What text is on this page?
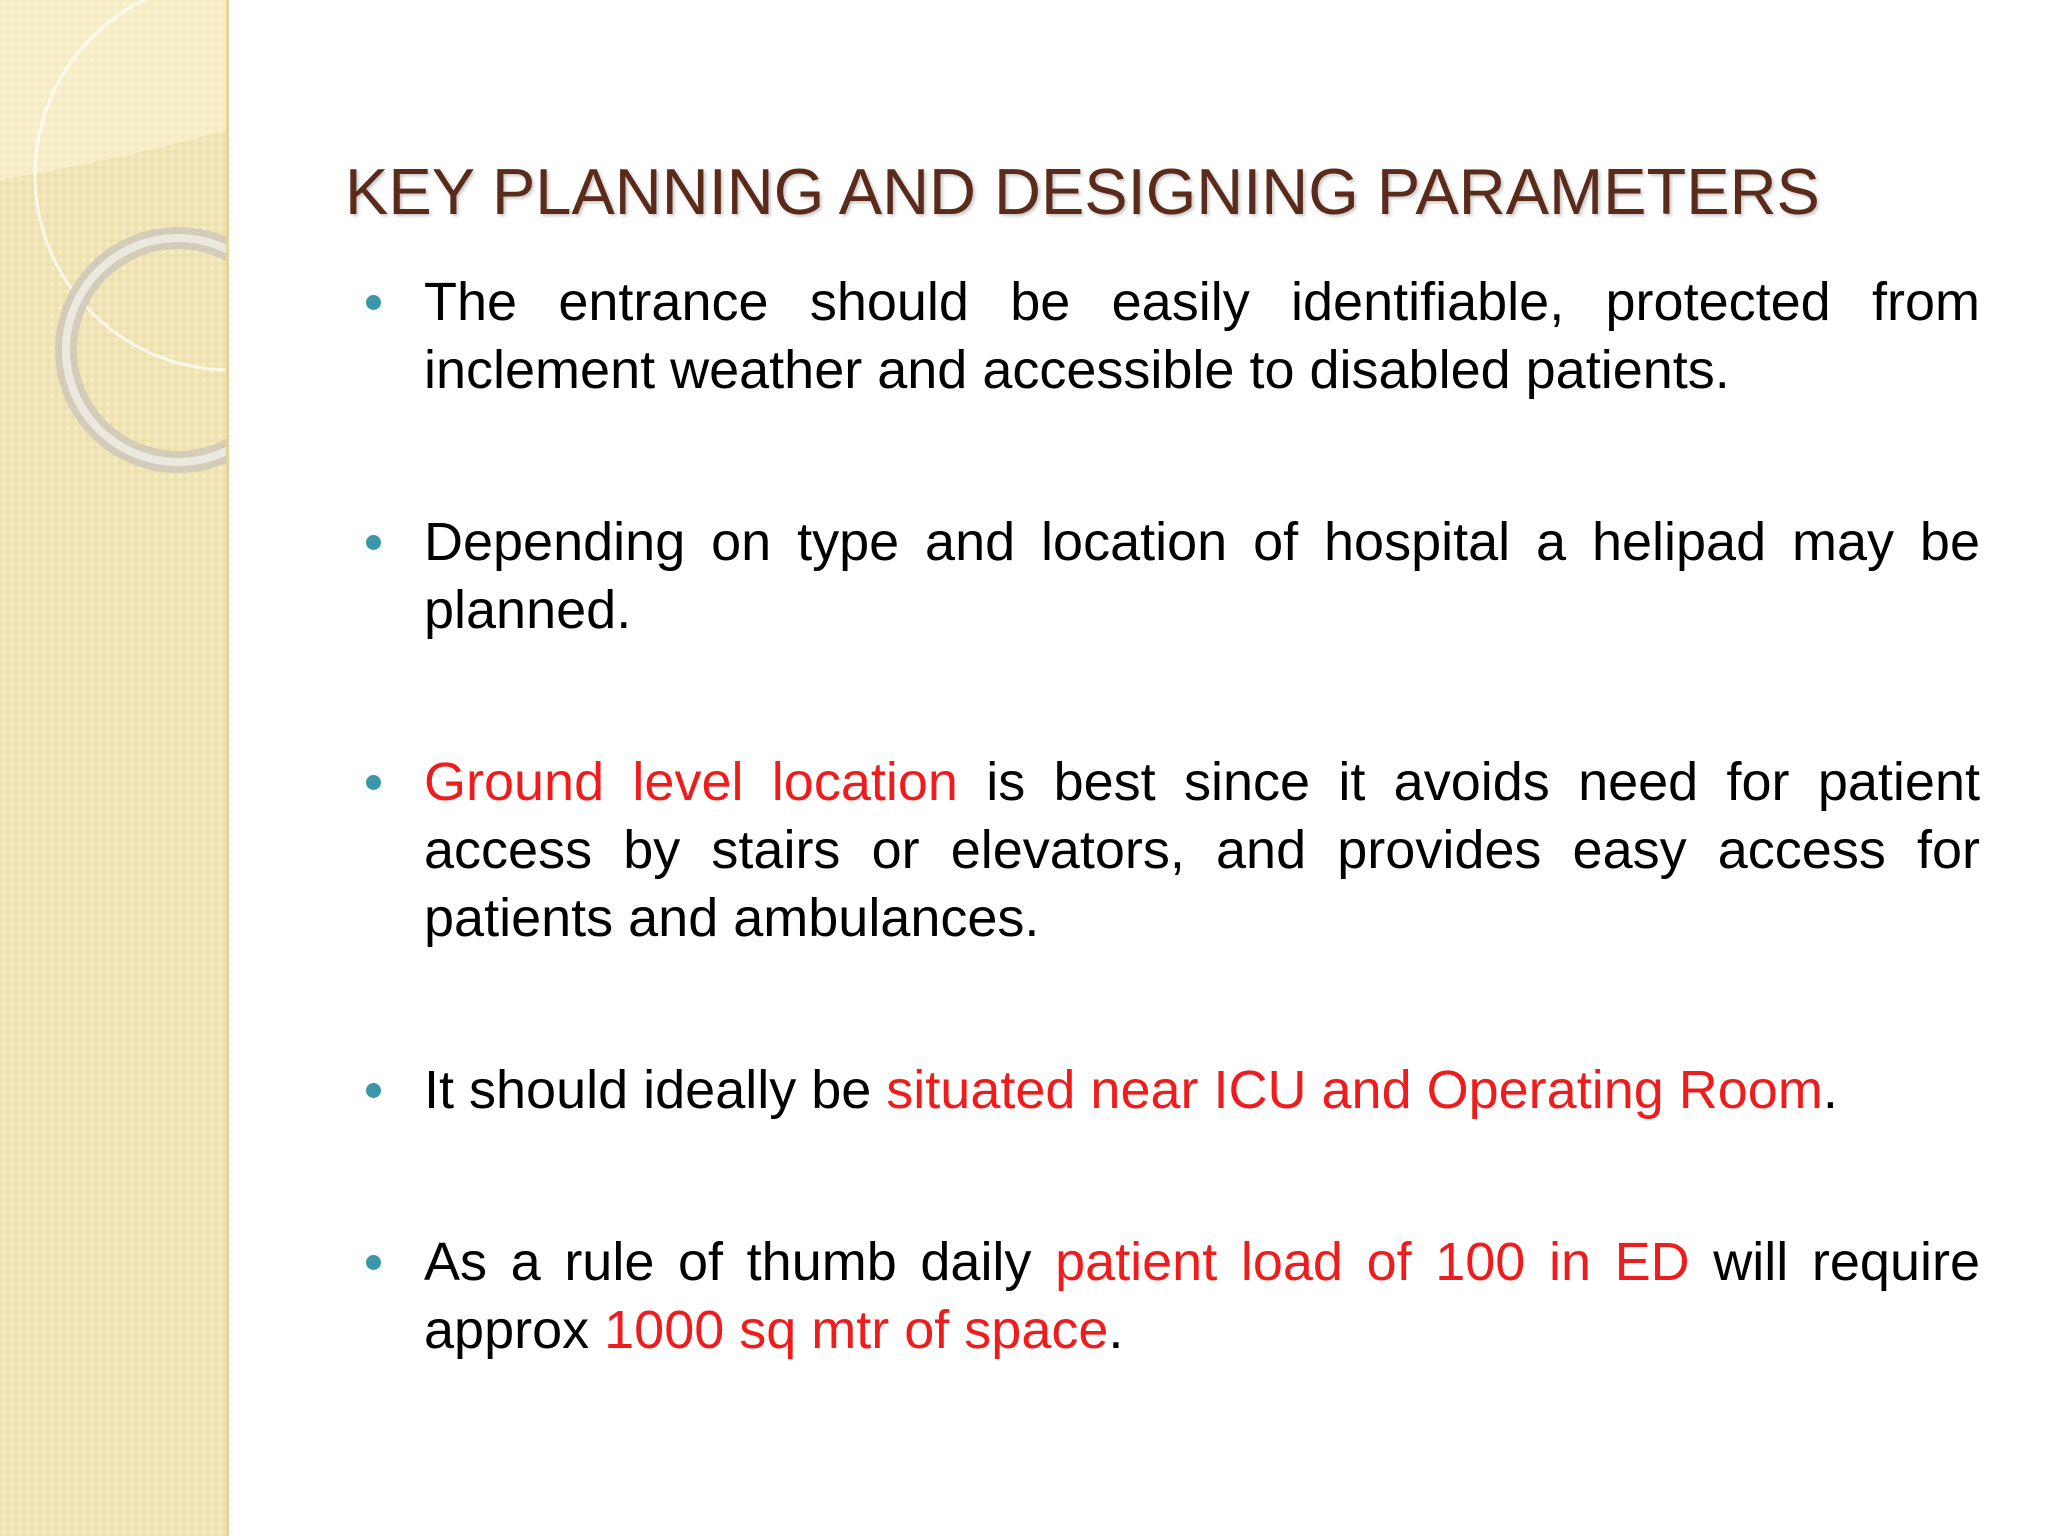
KEY PLANNING AND DESIGNING PARAMETERS
The entrance should be easily identifiable, protected from inclement weather and accessible to disabled patients.
Depending on type and location of hospital a helipad may be planned.
Ground level location is best since it avoids need for patient access by stairs or elevators, and provides easy access for patients and ambulances.
It should ideally be situated near ICU and Operating Room.
As a rule of thumb daily patient load of 100 in ED will require approx 1000 sq mtr of space.
